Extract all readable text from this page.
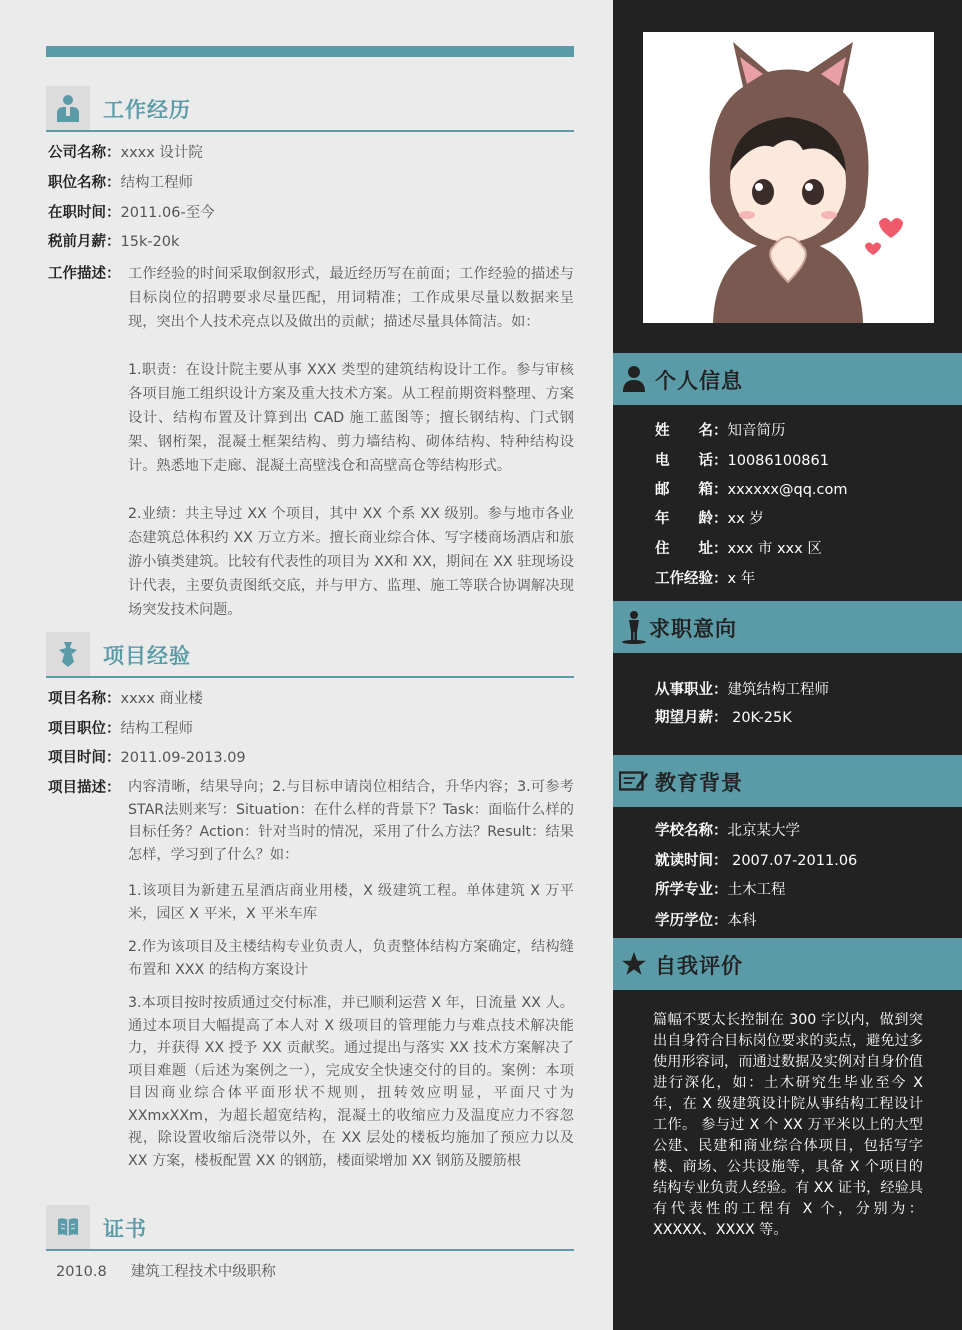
工作经历
公司名称： xxxx 设计院
职位名称： 结构工程师
在职时间： 2011.06-至今
税前月薪： 15k-20k
工作描述： 工作经验的时间采取倒叙形式，最近经历写在前面；工作经验的描述与目标岗位的招聘要求尽量匹配，用词精准；工作成果尽量以数据来呈现，突出个人技术亮点以及做出的贡献；描述尽量具体简洁。如：
1.职责：在设计院主要从事 XXX 类型的建筑结构设计工作。参与审核各项目施工组织设计方案及重大技术方案。从工程前期资料整理、方案设计、结构布置及计算到出 CAD 施工蓝图等；擅长钢结构、门式钢架、钢桁架，混凝土框架结构、剪力墙结构、砌体结构、特种结构设计。熟悉地下走廊、混凝土高壁浅仓和高壁高仓等结构形式。
2.业绩：共主导过 XX 个项目，其中 XX 个系 XX 级别。参与地市各业态建筑总体积约 XX 万立方米。擅长商业综合体、写字楼商场酒店和旅游小镇类建筑。比较有代表性的项目为 XX和 XX，期间在 XX 驻现场设计代表，主要负责图纸交底，并与甲方、监理、施工等联合协调解决现场突发技术问题。
项目经验
项目名称： xxxx 商业楼
项目职位： 结构工程师
项目时间： 2011.09-2013.09
项目描述： 内容清晰，结果导向；2.与目标申请岗位相结合，升华内容；3.可参考 STAR法则来写：Situation：在什么样的背景下？Task：面临什么样的目标任务？Action：针对当时的情况，采用了什么方法？Result：结果怎样，学习到了什么？如：
1.该项目为新建五星酒店商业用楼，X 级建筑工程。单体建筑 X 万平米，园区 X 平米，X 平米车库
2.作为该项目及主楼结构专业负责人，负责整体结构方案确定，结构缝布置和 XXX 的结构方案设计
3.本项目按时按质通过交付标准，并已顺利运营 X 年，日流量 XX 人。通过本项目大幅提高了本人对 X 级项目的管理能力与难点技术解决能力，并获得 XX 授予 XX 贡献奖。通过提出与落实 XX 技术方案解决了项目难题（后述为案例之一），完成安全快速交付的目的。案例：本项目因商业综合体平面形状不规则，扭转效应明显，平面尺寸为 XXmxXXm，为超长超宽结构，混凝土的收缩应力及温度应力不容忽视，除设置收缩后浇带以外，在 XX 层处的楼板均施加了预应力以及 XX 方案，楼板配置 XX 的钢筋，楼面梁增加 XX 钢筋及腰筋根
证书
2010.8 建筑工程技术中级职称
个人信息
姓　　名：知音简历
电　　话：10086100861
邮　　箱：xxxxxx@qq.com
年　　龄：xx 岁
住　　址：xxx 市 xxx 区
工作经验：x 年
求职意向
从事职业：建筑结构工程师
期望月薪： 20K-25K
教育背景
学校名称：北京某大学
就读时间： 2007.07-2011.06
所学专业：土木工程
学历学位：本科
自我评价
篇幅不要太长控制在 300 字以内，做到突出自身符合目标岗位要求的卖点，避免过多使用形容词，而通过数据及实例对自身价值进行深化，如：土木研究生毕业至今 X 年，在 X 级建筑设计院从事结构工程设计工作。 参与过 X 个 XX 万平米以上的大型公建、民建和商业综合体项目，包括写字楼、商场、公共设施等，具备 X 个项目的结构专业负责人经验。有 XX 证书，经验具有代表性的工程有 X 个，分别为：XXXXX、XXXX 等。
